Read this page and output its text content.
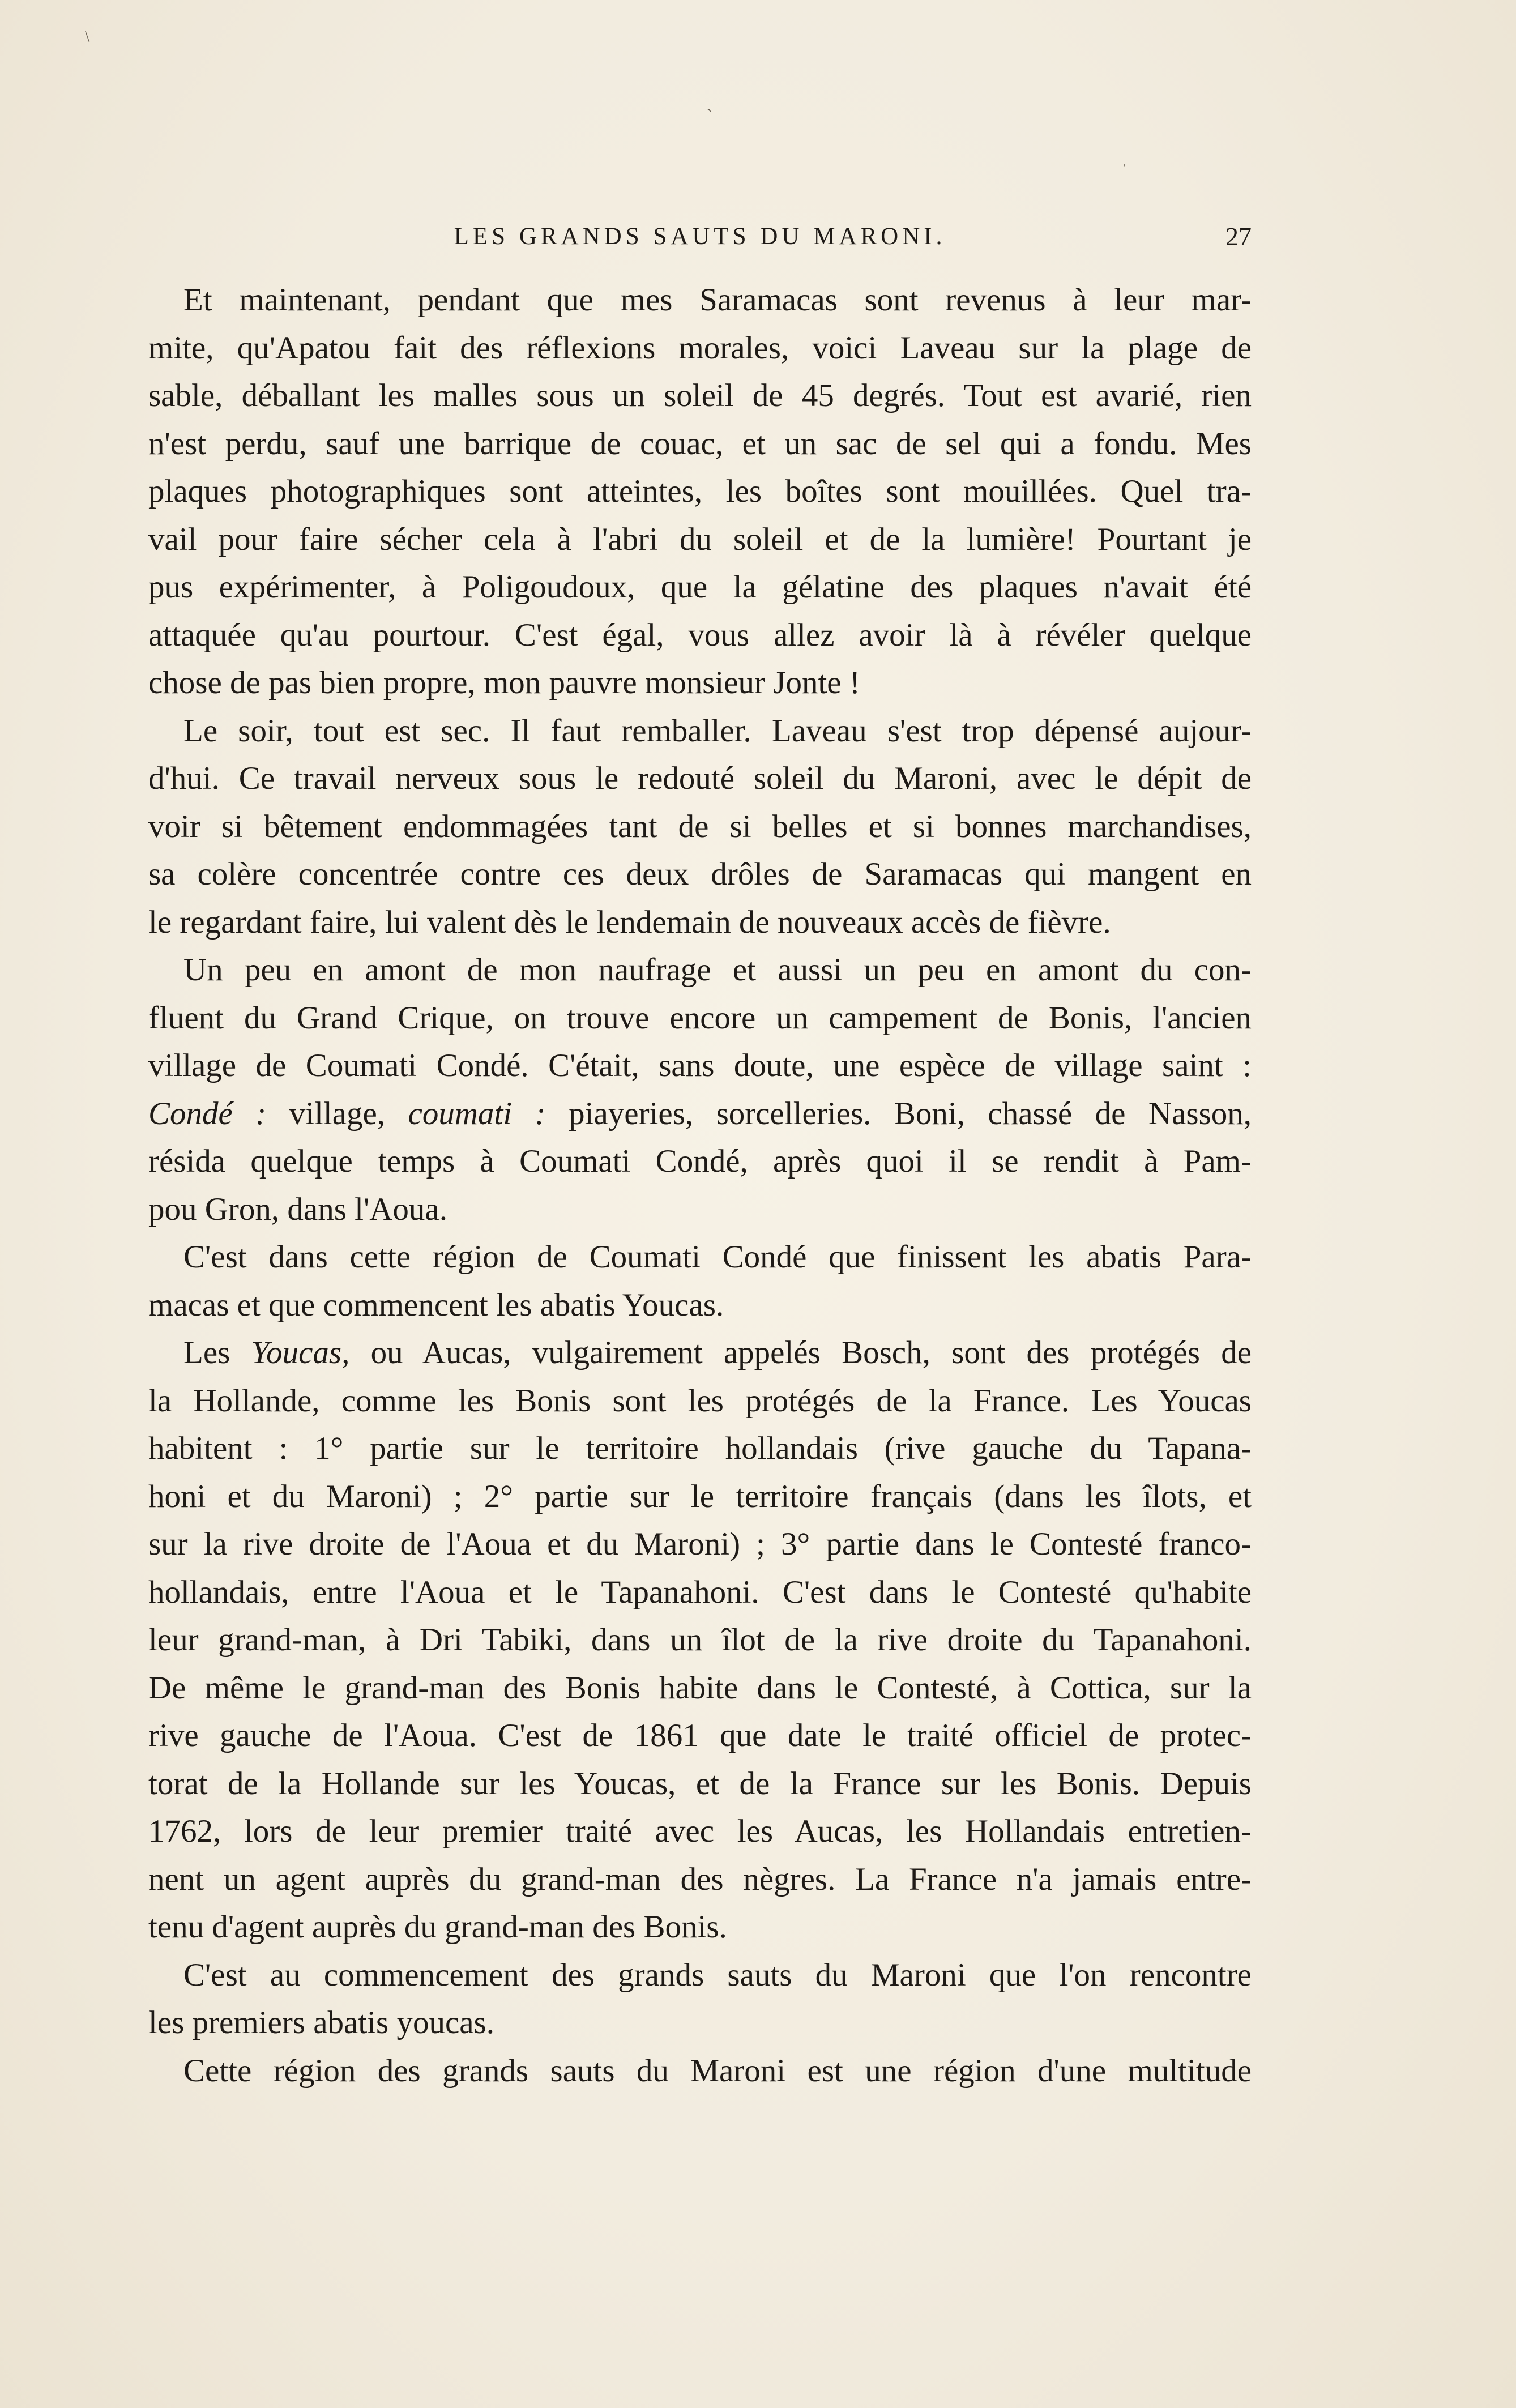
LES GRANDS SAUTS DU MARONI.	27
Et maintenant, pendant que mes Saramacas sont revenus à leur mar-
mite, qu'Apatou fait des réflexions morales, voici Laveau sur la plage de
sable, déballant les malles sous un soleil de 45 degrés. Tout est avarié, rien
n'est perdu, sauf une barrique de couac, et un sac de sel qui a fondu. Mes
plaques photographiques sont atteintes, les boîtes sont mouillées. Quel tra-
vail pour faire sécher cela à l'abri du soleil et de la lumière! Pourtant je
pus expérimenter, à Poligoudoux, que la gélatine des plaques n'avait été
attaquée qu'au pourtour. C'est égal, vous allez avoir là à révéler quelque
chose de pas bien propre, mon pauvre monsieur Jonte !
Le soir, tout est sec. Il faut remballer. Laveau s'est trop dépensé aujour-
d'hui. Ce travail nerveux sous le redouté soleil du Maroni, avec le dépit de
voir si bêtement endommagées tant de si belles et si bonnes marchandises,
sa colère concentrée contre ces deux drôles de Saramacas qui mangent en
le regardant faire, lui valent dès le lendemain de nouveaux accès de fièvre.
Un peu en amont de mon naufrage et aussi un peu en amont du con-
fluent du Grand Crique, on trouve encore un campement de Bonis, l'ancien
village de Coumati Condé. C'était, sans doute, une espèce de village saint :
Condé : village, coumati : piayeries, sorcelleries. Boni, chassé de Nasson,
résida quelque temps à Coumati Condé, après quoi il se rendit à Pam-
pou Gron, dans l'Aoua.
C'est dans cette région de Coumati Condé que finissent les abatis Para-
macas et que commencent les abatis Youcas.
Les Youcas, ou Aucas, vulgairement appelés Bosch, sont des protégés de
la Hollande, comme les Bonis sont les protégés de la France. Les Youcas
habitent : 1° partie sur le territoire hollandais (rive gauche du Tapana-
honi et du Maroni) ; 2° partie sur le territoire français (dans les îlots, et
sur la rive droite de l'Aoua et du Maroni) ; 3° partie dans le Contesté franco-
hollandais, entre l'Aoua et le Tapanahoni. C'est dans le Contesté qu'habite
leur grand-man, à Dri Tabiki, dans un îlot de la rive droite du Tapanahoni.
De même le grand-man des Bonis habite dans le Contesté, à Cottica, sur la
rive gauche de l'Aoua. C'est de 1861 que date le traité officiel de protec-
torat de la Hollande sur les Youcas, et de la France sur les Bonis. Depuis
1762, lors de leur premier traité avec les Aucas, les Hollandais entretien-
nent un agent auprès du grand-man des nègres. La France n'a jamais entre-
tenu d'agent auprès du grand-man des Bonis.
C'est au commencement des grands sauts du Maroni que l'on rencontre
les premiers abatis youcas.
Cette région des grands sauts du Maroni est une région d'une multitude
\
ˌ
ˎ
